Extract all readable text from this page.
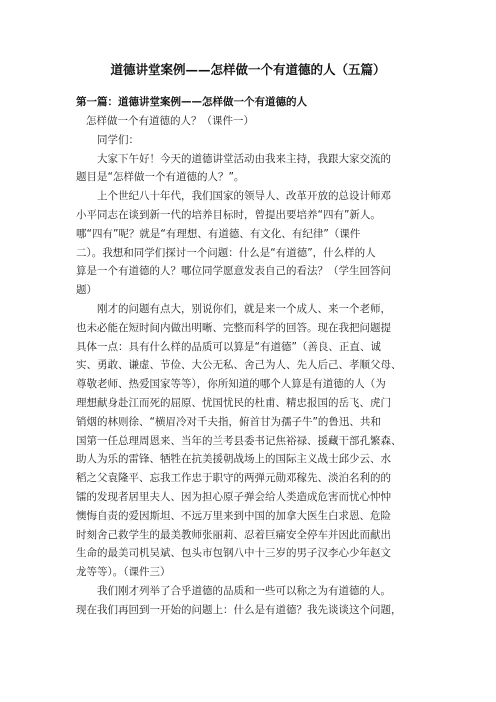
道德讲堂案例——怎样做一个有道德的人（五篇）
第一篇：道德讲堂案例——怎样做一个有道德的人
怎样做一个有道德的人？（课件一）
同学们：
大家下午好！今天的道德讲堂活动由我来主持，我跟大家交流的
题目是“怎样做一个有道德的人？”。
上个世纪八十年代，我们国家的领导人、改革开放的总设计师邓
小平同志在谈到新一代的培养目标时，曾提出要培养“四有”新人。
哪“四有”呢？就是“有理想、有道德、有文化、有纪律”（课件
二）。我想和同学们探讨一个问题：什么是“有道德”，什么样的人
算是一个有道德的人？哪位同学愿意发表自己的看法？（学生回答问
题）
刚才的问题有点大，别说你们，就是来一个成人、来一个老师，
也未必能在短时间内做出明晰、完整而科学的回答。现在我把问题提
具体一点：具有什么样的品质可以算是“有道德”（善良、正直、诚
实、勇敢、谦虚、节俭、大公无私、舍己为人、先人后己、孝顺父母、
尊敬老师、热爱国家等等），你所知道的哪个人算是有道德的人（为
理想献身赴江而死的屈原、忧国忧民的杜甫、精忠报国的岳飞、虎门
销烟的林则徐、“横眉冷对千夫指，俯首甘为孺子牛”的鲁迅、共和
国第一任总理周恩来、当年的兰考县委书记焦裕禄、援藏干部孔繁森、
助人为乐的雷锋、牺牲在抗美援朝战场上的国际主义战士邱少云、水
稻之父袁隆平、忘我工作忠于职守的两弹元勋邓稼先、淡泊名利的的
镭的发现者居里夫人、因为担心原子弹会给人类造成危害而忧心忡忡
懊悔自责的爱因斯坦、不远万里来到中国的加拿大医生白求恩、危险
时刻舍己救学生的最美教师张丽莉、忍着巨痛安全停车并因此而献出
生命的最美司机吴斌、包头市包钢八中十三岁的男子汉李心少年赵文
龙等等）。（课件三）
我们刚才列举了合乎道德的品质和一些可以称之为有道德的人。
现在我们再回到一开始的问题上：什么是有道德？我先谈谈这个问题，
